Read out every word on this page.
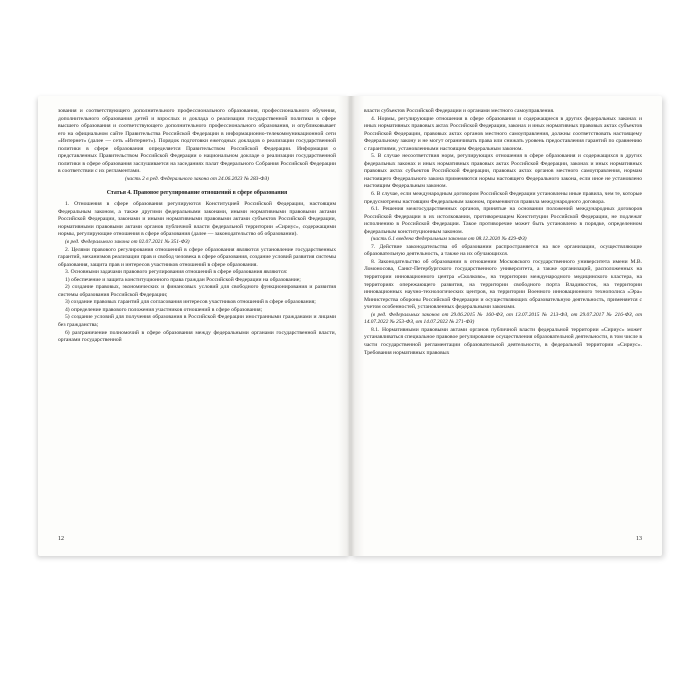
зования и соответствующего дополнительного профессионального образования, профессионального обучения, дополнительного образования детей и взрослых и доклада о реализации государственной политики в сфере высшего образования и соответствующего дополнительного профессионального образования, и опубликовывает его на официальном сайте Правительства Российской Федерации в информационно-телекоммуникационной сети «Интернет» (далее — сеть «Интернет»). Порядок подготовки ежегодных докладов о реализации государственной политики в сфере образования определяется Правительством Российской Федерации. Информация о представленных Правительством Российской Федерации о национальном докладе о реализации государственной политики в сфере образования заслушивается на заседаниях палат Федерального Собрания Российской Федерации в соответствии с их регламентами.

(часть 2 в ред. Федерального закона от 24.06.2023 № 283-ФЗ)

Статья 4. Правовое регулирование отношений в сфере образования

1. Отношения в сфере образования регулируются Конституцией Российской Федерации, настоящим Федеральным законом, а также другими федеральными законами, иными нормативными правовыми актами Российской Федерации, законами и иными нормативными правовыми актами субъектов Российской Федерации, нормативными правовыми актами органов публичной власти федеральной территории «Сириус», содержащими нормы, регулирующие отношения в сфере образования (далее — законодательство об образовании).

(в ред. Федерального закона от 02.07.2021 № 351-ФЗ)

2. Целями правового регулирования отношений в сфере образования являются установление государственных гарантий, механизмов реализации прав и свобод человека в сфере образования, создание условий развития системы образования, защита прав и интересов участников отношений в сфере образования.

3. Основными задачами правового регулирования отношений в сфере образования являются:

1) обеспечение и защита конституционного права граждан Российской Федерации на образование;

2) создание правовых, экономических и финансовых условий для свободного функционирования и развития системы образования Российской Федерации;

3) создание правовых гарантий для согласования интересов участников отношений в сфере образования;

4) определение правового положения участников отношений в сфере образования;

5) создание условий для получения образования в Российской Федерации иностранными гражданами и лицами без гражданства;

6) разграничение полномочий в сфере образования между федеральными органами государственной власти, органами государственной

12

власти субъектов Российской Федерации и органами местного самоуправления.

4. Нормы, регулирующие отношения в сфере образования и содержащиеся в других федеральных законах и иных нормативных правовых актах Российской Федерации, законах и иных нормативных правовых актах субъектов Российской Федерации, правовых актах органов местного самоуправления, должны соответствовать настоящему Федеральному закону и не могут ограничивать права или снижать уровень предоставления гарантий по сравнению с гарантиями, установленными настоящим Федеральным законом.

5. В случае несоответствия норм, регулирующих отношения в сфере образования и содержащихся в других федеральных законах и иных нормативных правовых актах Российской Федерации, законах и иных нормативных правовых актах субъектов Российской Федерации, правовых актах органов местного самоуправления, нормам настоящего Федерального закона применяются нормы настоящего Федерального закона, если иное не установлено настоящим Федеральным законом.

6. В случае, если международным договором Российской Федерации установлены иные правила, чем те, которые предусмотрены настоящим Федеральным законом, применяются правила международного договора.

6.1. Решения межгосударственных органов, принятые на основании положений международных договоров Российской Федерации в их истолковании, противоречащем Конституции Российской Федерации, не подлежат исполнению в Российской Федерации. Такое противоречие может быть установлено в порядке, определенном федеральным конституционным законом.

(часть 6.1 введена Федеральным законом от 08.12.2020 № 429-ФЗ)

7. Действие законодательства об образовании распространяется на все организации, осуществляющие образовательную деятельность, а также на их обучающихся.

8. Законодательство об образовании в отношении Московского государственного университета имени М.В. Ломоносова, Санкт-Петербургского государственного университета, а также организаций, расположенных на территории инновационного центра «Сколково», на территории международного медицинского кластера, на территориях опережающего развития, на территории свободного порта Владивосток, на территории инновационных научно-технологических центров, на территории Военного инновационного технополиса «Эра» Министерства обороны Российской Федерации и осуществляющих образовательную деятельность, применяется с учетом особенностей, установленных федеральными законами.

(в ред. Федеральных законов от 29.06.2015 № 160-ФЗ, от 13.07.2015 № 213-ФЗ, от 29.07.2017 № 216-ФЗ, от 14.07.2022 № 253-ФЗ, от 14.07.2022 № 271-ФЗ)

8.1. Нормативными правовыми актами органов публичной власти федеральной территории «Сириус» может устанавливаться специальное правовое регулирование осуществления образовательной деятельности, в том числе в части государственной регламентации образовательной деятельности, в федеральной территории «Сириус». Требования нормативных правовых

13
